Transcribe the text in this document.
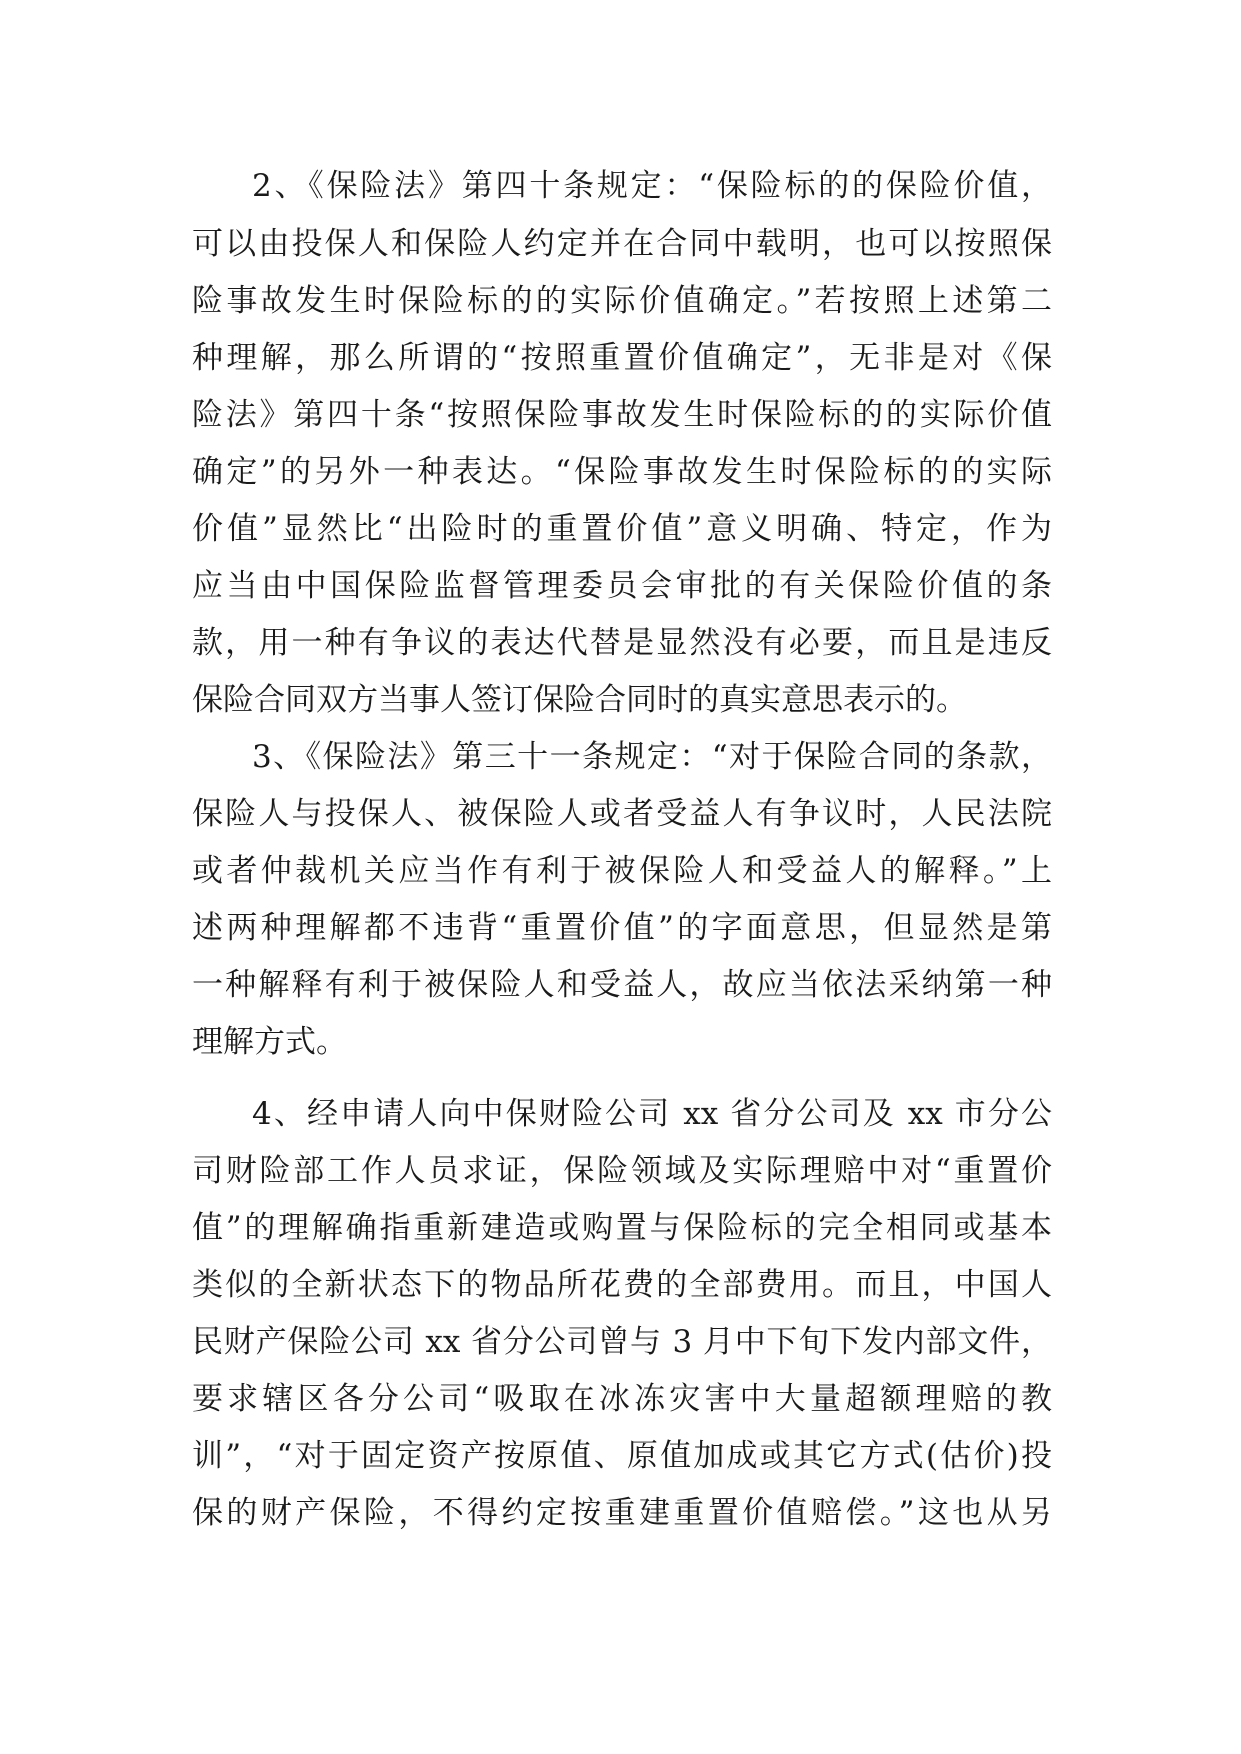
2、《保险法》第四十条规定：“保险标的的保险价值，
可以由投保人和保险人约定并在合同中载明，也可以按照保
险事故发生时保险标的的实际价值确定。”若按照上述第二
种理解，那么所谓的“按照重置价值确定”，无非是对《保
险法》第四十条“按照保险事故发生时保险标的的实际价值
确定”的另外一种表达。“保险事故发生时保险标的的实际
价值”显然比“出险时的重置价值”意义明确、特定，作为
应当由中国保险监督管理委员会审批的有关保险价值的条
款，用一种有争议的表达代替是显然没有必要，而且是违反
保险合同双方当事人签订保险合同时的真实意思表示的。
3、《保险法》第三十一条规定：“对于保险合同的条款，
保险人与投保人、被保险人或者受益人有争议时，人民法院
或者仲裁机关应当作有利于被保险人和受益人的解释。”上
述两种理解都不违背“重置价值”的字面意思，但显然是第
一种解释有利于被保险人和受益人，故应当依法采纳第一种
理解方式。
4、经申请人向中保财险公司 xx 省分公司及 xx 市分公
司财险部工作人员求证，保险领域及实际理赔中对“重置价
值”的理解确指重新建造或购置与保险标的完全相同或基本
类似的全新状态下的物品所花费的全部费用。而且，中国人
民财产保险公司 xx 省分公司曾与 3 月中下旬下发内部文件，
要求辖区各分公司“吸取在冰冻灾害中大量超额理赔的教
训”，“对于固定资产按原值、原值加成或其它方式(估价)投
保的财产保险，不得约定按重建重置价值赔偿。”这也从另
